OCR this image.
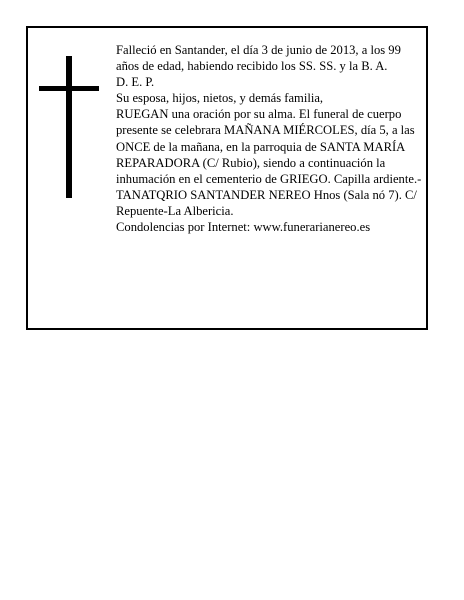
Falleció en Santander, el día 3 de junio de 2013, a los 99 años de edad, habiendo recibido los SS. SS. y la B. A.

D. E. P.

Su esposa, hijos, nietos, y demás familia,

RUEGAN una oración por su alma. El funeral de cuerpo presente se celebrara MAÑANA MIÉRCOLES, día 5, a las ONCE de la mañana, en la parroquia de SANTA MARÍA REPARADORA (C/ Rubio), siendo a continuación la inhumación en el cementerio de GRIEGO. Capilla ardiente.-TANATQRIO SANTANDER NEREO Hnos (Sala nó 7). C/ Repuente-La Albericia.

Condolencias por Internet: www.funerarianereo.es
